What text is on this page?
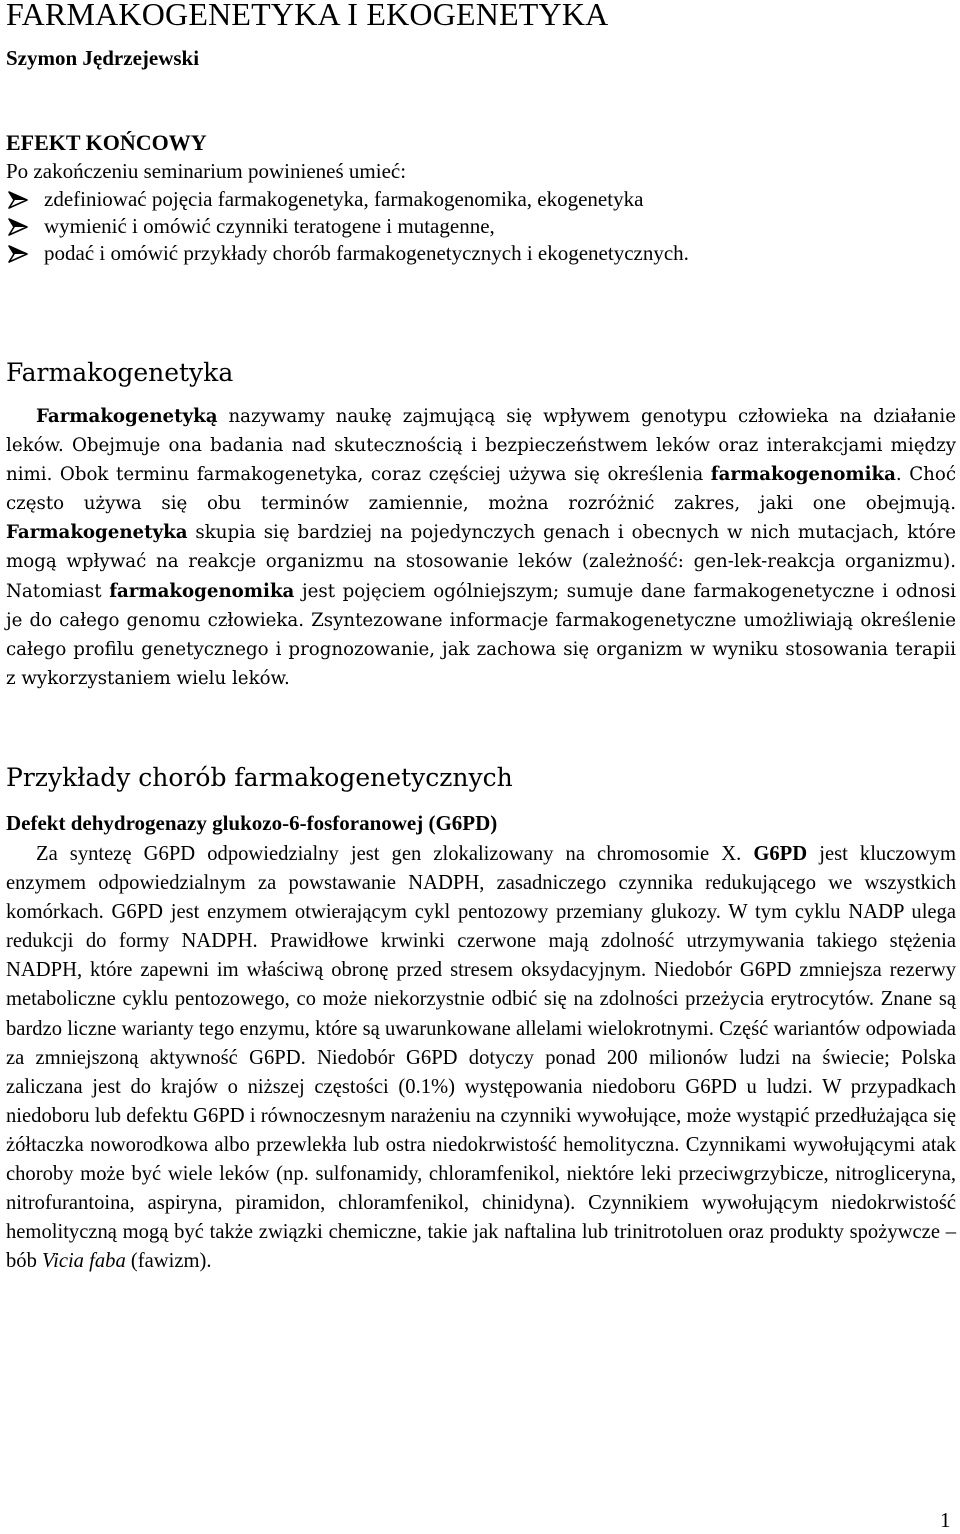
FARMAKOGENETYKA I EKOGENETYKA

Szymon Jędrzejewski

EFEKT KOŃCOWY

Po zakończeniu seminarium powinieneś umieć:

zdefiniować pojęcia farmakogenetyka, farmakogenomika, ekogenetyka
wymienić i omówić czynniki teratogene i mutagenne,
podać i omówić przykłady chorób farmakogenetycznych i ekogenetycznych.
Farmakogenetyka

Farmakogenetyką nazywamy naukę zajmującą się wpływem genotypu człowieka na działanie leków. Obejmuje ona badania nad skutecznością i bezpieczeństwem leków oraz interakcjami między nimi. Obok terminu farmakogenetyka, coraz częściej używa się określenia farmakogenomika. Choć często używa się obu terminów zamiennie, można rozróżnić zakres, jaki one obejmują. Farmakogenetyka skupia się bardziej na pojedynczych genach i obecnych w nich mutacjach, które mogą wpływać na reakcje organizmu na stosowanie leków (zależność: gen-lek-reakcja organizmu). Natomiast farmakogenomika jest pojęciem ogólniejszym; sumuje dane farmakogenetyczne i odnosi je do całego genomu człowieka. Zsyntezowane informacje farmakogenetyczne umożliwiają określenie całego profilu genetycznego i prognozowanie, jak zachowa się organizm w wyniku stosowania terapii z wykorzystaniem wielu leków.

Przykłady chorób farmakogenetycznych

Defekt dehydrogenazy glukozo-6-fosforanowej (G6PD)

Za syntezę G6PD odpowiedzialny jest gen zlokalizowany na chromosomie X. G6PD jest kluczowym enzymem odpowiedzialnym za powstawanie NADPH, zasadniczego czynnika redukującego we wszystkich komórkach. G6PD jest enzymem otwierającym cykl pentozowy przemiany glukozy. W tym cyklu NADP ulega redukcji do formy NADPH. Prawidłowe krwinki czerwone mają zdolność utrzymywania takiego stężenia NADPH, które zapewni im właściwą obronę przed stresem oksydacyjnym. Niedobór G6PD zmniejsza rezerwy metaboliczne cyklu pentozowego, co może niekorzystnie odbić się na zdolności przeżycia erytrocytów. Znane są bardzo liczne warianty tego enzymu, które są uwarunkowane allelami wielokrotnymi. Część wariantów odpowiada za zmniejszoną aktywność G6PD. Niedobór G6PD dotyczy ponad 200 milionów ludzi na świecie; Polska zaliczana jest do krajów o niższej częstości (0.1%) występowania niedoboru G6PD u ludzi. W przypadkach niedoboru lub defektu G6PD i równoczesnym narażeniu na czynniki wywołujące, może wystąpić przedłużająca się żółtaczka noworodkowa albo przewlekła lub ostra niedokrwistość hemolityczna. Czynnikami wywołującymi atak choroby może być wiele leków (np. sulfonamidy, chloramfenikol, niektóre leki przeciwgrzybicze, nitrogliceryna, nitrofurantoina, aspiryna, piramidon, chloramfenikol, chinidyna). Czynnikiem wywołującym niedokrwistość hemolityczną mogą być także związki chemiczne, takie jak naftalina lub trinitrotoluen oraz produkty spożywcze – bób Vicia faba (fawizm).

1
